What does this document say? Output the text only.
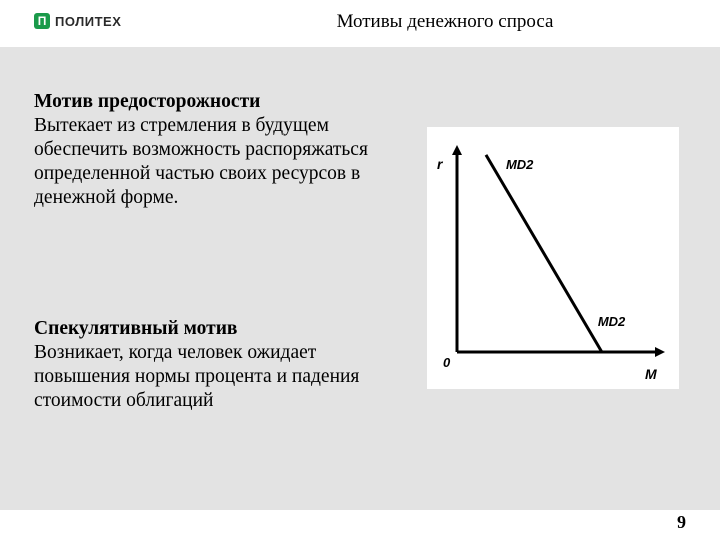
П ПОЛИТЕХ	Мотивы денежного спроса
Мотив предосторожности
Вытекает из стремления в будущем обеспечить возможность распоряжаться определенной частью своих ресурсов в денежной форме.
Спекулятивный мотив
Возникает, когда человек ожидает повышения нормы процента и падения стоимости облигаций
r
M
0
MD2
MD2
9
